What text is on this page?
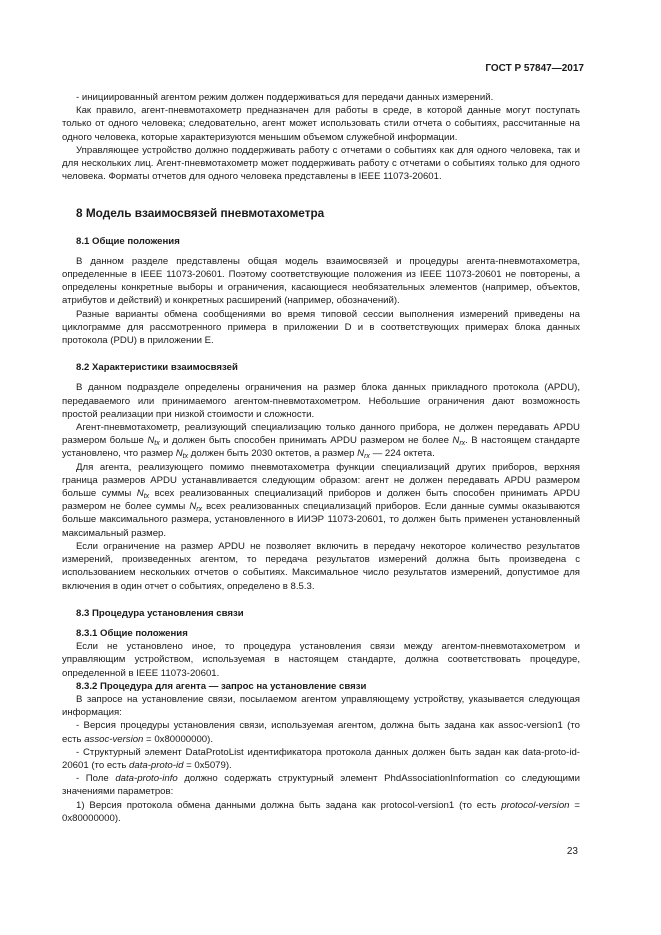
ГОСТ Р 57847—2017

- инициированный агентом режим должен поддерживаться для передачи данных измерений.

Как правило, агент-пневмотахометр предназначен для работы в среде, в которой данные могут поступать только от одного человека; следовательно, агент может использовать стили отчета о событиях, рассчитанные на одного человека, которые характеризуются меньшим объемом служебной информации.

Управляющее устройство должно поддерживать работу с отчетами о событиях как для одного человека, так и для нескольких лиц. Агент-пневмотахометр может поддерживать работу с отчетами о событиях только для одного человека. Форматы отчетов для одного человека представлены в IEEE 11073-20601.

8 Модель взаимосвязей пневмотахометра
8.1 Общие положения

В данном разделе представлены общая модель взаимосвязей и процедуры агента-пневмотахометра, определенные в IEEE 11073-20601. Поэтому соответствующие положения из IEEE 11073-20601 не повторены, а определены конкретные выборы и ограничения, касающиеся необязательных элементов (например, объектов, атрибутов и действий) и конкретных расширений (например, обозначений).

Разные варианты обмена сообщениями во время типовой сессии выполнения измерений приведены на циклограмме для рассмотренного примера в приложении D и в соответствующих примерах блока данных протокола (PDU) в приложении E.

8.2 Характеристики взаимосвязей

В данном подразделе определены ограничения на размер блока данных прикладного протокола (APDU), передаваемого или принимаемого агентом-пневмотахометром. Небольшие ограничения дают возможность простой реализации при низкой стоимости и сложности.

Агент-пневмотахометр, реализующий специализацию только данного прибора, не должен передавать APDU размером больше $N_{tx}$ и должен быть способен принимать APDU размером не более $N_{rx}$. В настоящем стандарте установлено, что размер $N_{tx}$ должен быть 2030 октетов, а размер $N_{rx}$ — 224 октета.

Для агента, реализующего помимо пневмотахометра функции специализаций других приборов, верхняя граница размеров APDU устанавливается следующим образом: агент не должен передавать APDU размером больше суммы $N_{tx}$ всех реализованных специализаций приборов и должен быть способен принимать APDU размером не более суммы $N_{rx}$ всех реализованных специализаций приборов. Если данные суммы оказываются больше максимального размера, установленного в ИИЭР 11073-20601, то должен быть применен установленный максимальный размер.

Если ограничение на размер APDU не позволяет включить в передачу некоторое количество результатов измерений, произведенных агентом, то передача результатов измерений должна быть произведена с использованием нескольких отчетов о событиях. Максимальное число результатов измерений, допустимое для включения в один отчет о событиях, определено в 8.5.3.

8.3 Процедура установления связи
8.3.1 Общие положения

Если не установлено иное, то процедура установления связи между агентом-пневмотахометром и управляющим устройством, используемая в настоящем стандарте, должна соответствовать процедуре, определенной в IEEE 11073-20601.

8.3.2 Процедура для агента — запрос на установление связи

В запросе на установление связи, посылаемом агентом управляющему устройству, указывается следующая информация:

- Версия процедуры установления связи, используемая агентом, должна быть задана как assoc-version1 (то есть assoc-version = 0x80000000).

- Структурный элемент DataProtoList идентификатора протокола данных должен быть задан как data-proto-id-20601 (то есть data-proto-id = 0x5079).

- Поле data-proto-info должно содержать структурный элемент PhdAssociationInformation со следующими значениями параметров:

1) Версия протокола обмена данными должна быть задана как protocol-version1 (то есть protocol-version = 0x80000000).

23
